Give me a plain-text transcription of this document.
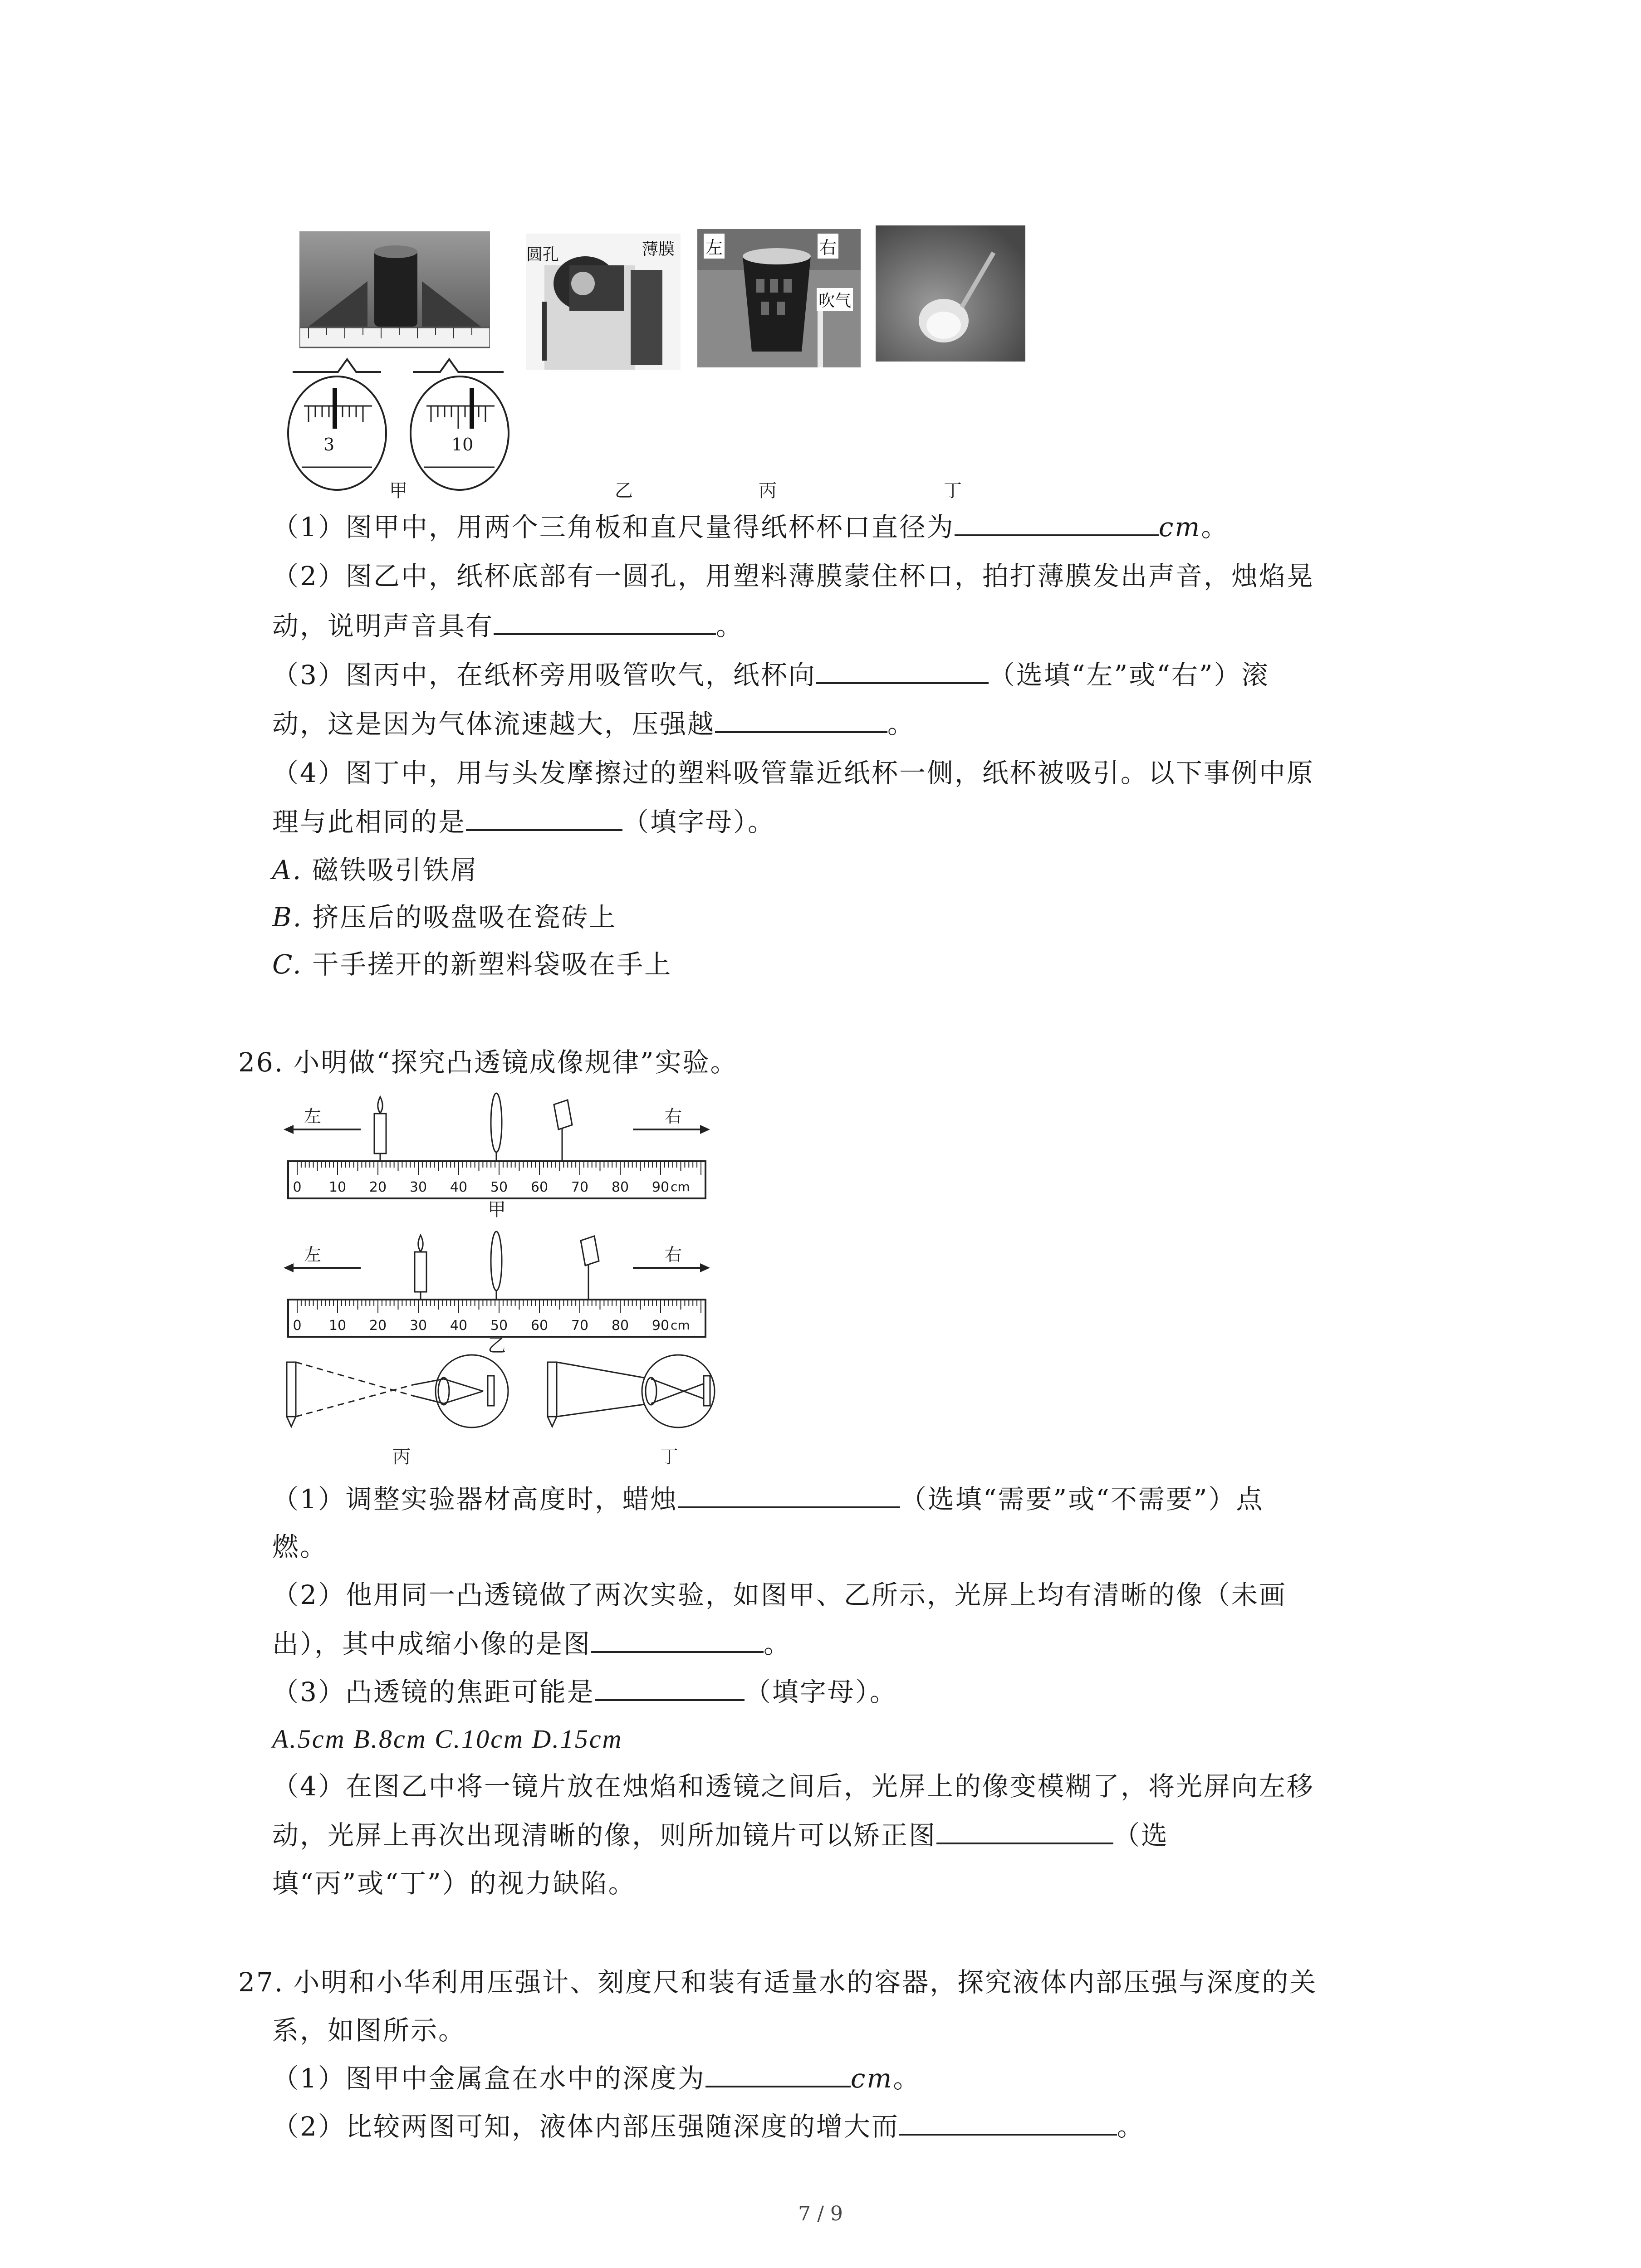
3	10
圆孔	薄膜 左	右
吹气
甲	乙	丙	丁
（1）图甲中，用两个三角板和直尺量得纸杯杯口直径为	cm。
（2）图乙中，纸杯底部有一圆孔，用塑料薄膜蒙住杯口，拍打薄膜发出声音，烛焰晃
动，说明声音具有	。
（3）图丙中，在纸杯旁用吸管吹气，纸杯向	（选填“左”或“右”）滚
动，这是因为气体流速越大，压强越	。
（4）图丁中，用与头发摩擦过的塑料吸管靠近纸杯一侧，纸杯被吸引。以下事例中原
理与此相同的是	（填字母）。
A. 磁铁吸引铁屑
B. 挤压后的吸盘吸在瓷砖上
C. 干手搓开的新塑料袋吸在手上
26. 小明做“探究凸透镜成像规律”实验。
左	右
0 10 20 30 40 50 60 70 80 90 cm
甲
左	右
0 10 20 30 40 50 60 70 80 90 cm
乙
丙	丁
（1）调整实验器材高度时，蜡烛	（选填“需要”或“不需要”）点
燃。
（2）他用同一凸透镜做了两次实验，如图甲、乙所示，光屏上均有清晰的像（未画
出），其中成缩小像的是图	。
（3）凸透镜的焦距可能是	（填字母）。
A.5cm B.8cm C.10cm D.15cm
（4）在图乙中将一镜片放在烛焰和透镜之间后，光屏上的像变模糊了，将光屏向左移
动，光屏上再次出现清晰的像，则所加镜片可以矫正图	（选
填“丙”或“丁”）的视力缺陷。
27. 小明和小华利用压强计、刻度尺和装有适量水的容器，探究液体内部压强与深度的关
系，如图所示。
（1）图甲中金属盒在水中的深度为	cm。
（2）比较两图可知，液体内部压强随深度的增大而	。
7 / 9
